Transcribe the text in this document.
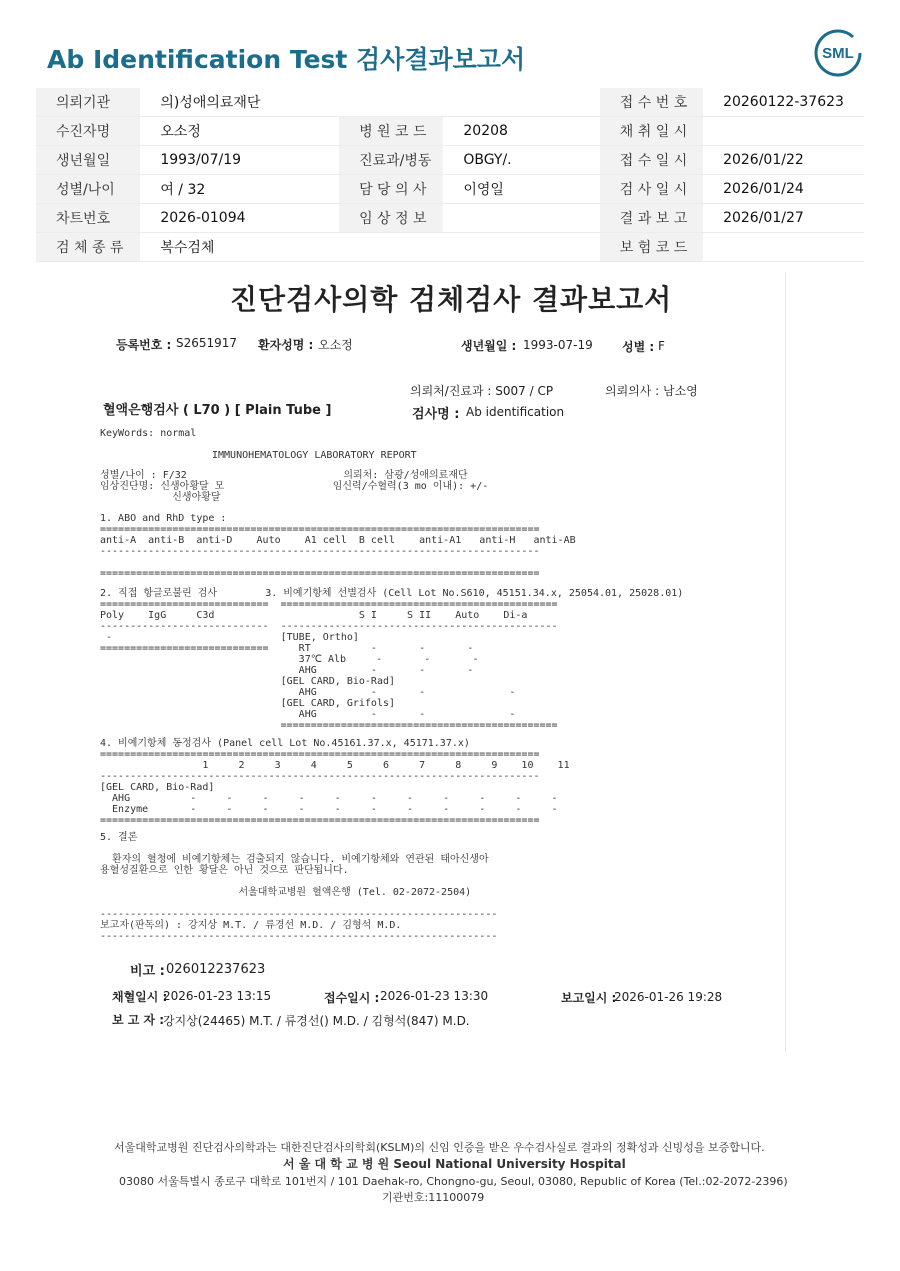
Ab Identification Test 검사결과보고서	SML
의뢰기관	의)성애의료재단			접 수 번 호	20260122-37623
수진자명	오소정	병 원 코 드	20208	채 취 일 시	
생년월일	1993/07/19	진료과/병동	OBGY/.	접 수 일 시	2026/01/22
성별/나이	여 / 32	담 당 의 사	이영일	검 사 일 시	2026/01/24
차트번호	2026-01094	임 상 정 보		결 과 보 고	2026/01/27
검 체 종 류	복수검체			보 험 코 드	
진단검사의학 검체검사 결과보고서
등록번호 : S2651917 환자성명 : 오소정	생년월일 : 1993-07-19 성별 : F
의뢰처/진료과 : S007 / CP	의뢰의사 : 남소영
혈액은행검사 ( L70 ) [ Plain Tube ]	검사명 : Ab identification
KeyWords: normal
IMMUNOHEMATOLOGY LABORATORY REPORT
성별/나이 : F/32                          의뢰처: 삼광/성애의료재단
임상진단명: 신생아황달 모                  임신력/수혈력(3 mo 이내): +/-
신생아황달
1. ABO and RhD type :
=========================================================================
anti-A  anti-B  anti-D    Auto    A1 cell  B cell    anti-A1   anti-H   anti-AB
-------------------------------------------------------------------------

=========================================================================
2. 직접 항글로불린 검사        3. 비예기항체 선별검사 (Cell Lot No.S610, 45151.34.x, 25054.01, 25028.01)
============================  ==============================================
Poly    IgG     C3d                        S I     S II    Auto    Di-a
----------------------------  ----------------------------------------------
-                            [TUBE, Ortho]
============================     RT          -       -       -
37℃ Alb     -       -       -
AHG         -       -       -
[GEL CARD, Bio-Rad]
AHG         -       -              -
[GEL CARD, Grifols]
AHG         -       -              -
==============================================
4. 비예기항체 동정검사 (Panel cell Lot No.45161.37.x, 45171.37.x)
=========================================================================
1     2     3     4     5     6     7     8     9    10    11
-------------------------------------------------------------------------
[GEL CARD, Bio-Rad]
AHG          -     -     -     -     -     -     -     -     -     -     -
Enzyme       -     -     -     -     -     -     -     -     -     -     -
=========================================================================
5. 결론

환자의 혈청에 비예기항체는 검출되지 않습니다. 비예기항체와 연관된 태아신생아
용혈성질환으로 인한 황달은 아닌 것으로 판단됩니다.

서울대학교병원 혈액은행 (Tel. 02-2072-2504)

------------------------------------------------------------------
보고자(판독의) : 강지상 M.T. / 류경선 M.D. / 김형석 M.D.
------------------------------------------------------------------
비고 : 026012237623
채혈일시 :
2026-01-23 13:15	접수일시 : 2026-01-23 13:30	보고일시 :
2026-01-26 19:28
보 고 자 :
강지상(24465) M.T. / 류경선() M.D. / 김형석(847) M.D.
서울대학교병원 진단검사의학과는 대한진단검사의학회(KSLM)의 신임 인증을 받은 우수검사실로 결과의 정확성과 신빙성을 보증합니다.
서 울 대 학 교 병 원 Seoul National University Hospital
03080 서울특별시 종로구 대학로 101번지 / 101 Daehak-ro, Chongno-gu, Seoul, 03080, Republic of Korea (Tel.:02-2072-2396)
기관번호:11100079
